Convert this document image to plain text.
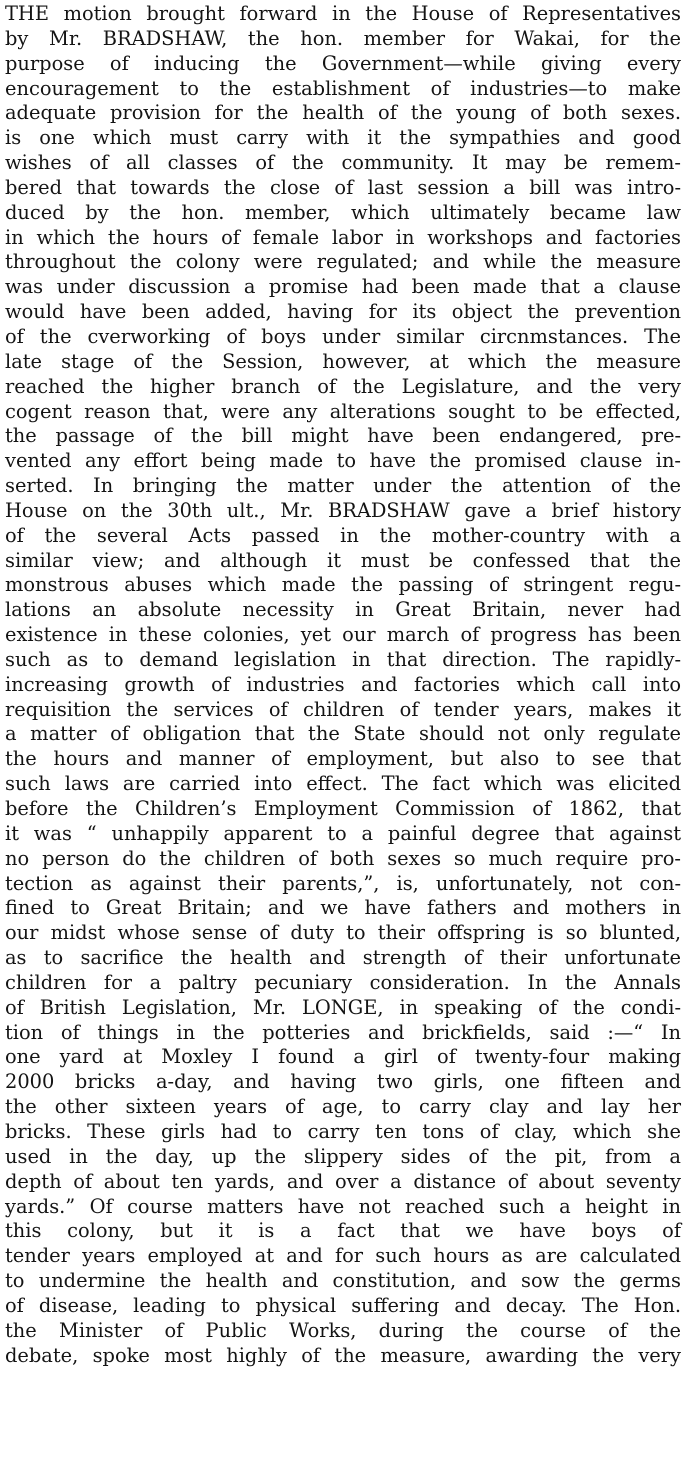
THE motion brought forward in the House of Representatives
by Mr. BRADSHAW, the hon. member for Wakai, for the
purpose of inducing the Government—while giving every
encouragement to the establishment of industries—to make
adequate provision for the health of the young of both sexes.
is one which must carry with it the sympathies and good
wishes of all classes of the community. It may be remem-
bered that towards the close of last session a bill was intro-
duced by the hon. member, which ultimately became law
in which the hours of female labor in workshops and factories
throughout the colony were regulated; and while the measure
was under discussion a promise had been made that a clause
would have been added, having for its object the prevention
of the cverworking of boys under similar circnmstances. The
late stage of the Session, however, at which the measure
reached the higher branch of the Legislature, and the very
cogent reason that, were any alterations sought to be effected,
the passage of the bill might have been endangered, pre-
vented any effort being made to have the promised clause in-
serted. In bringing the matter under the attention of the
House on the 30th ult., Mr. BRADSHAW gave a brief history
of the several Acts passed in the mother-country with a
similar view; and although it must be confessed that the
monstrous abuses which made the passing of stringent regu-
lations an absolute necessity in Great Britain, never had
existence in these colonies, yet our march of progress has been
such as to demand legislation in that direction. The rapidly-
increasing growth of industries and factories which call into
requisition the services of children of tender years, makes it
a matter of obligation that the State should not only regulate
the hours and manner of employment, but also to see that
such laws are carried into effect. The fact which was elicited
before the Children’s Employment Commission of 1862, that
it was “ unhappily apparent to a painful degree that against
no person do the children of both sexes so much require pro-
tection as against their parents,”, is, unfortunately, not con-
fined to Great Britain; and we have fathers and mothers in
our midst whose sense of duty to their offspring is so blunted,
as to sacrifice the health and strength of their unfortunate
children for a paltry pecuniary consideration. In the Annals
of British Legislation, Mr. LONGE, in speaking of the condi-
tion of things in the potteries and brickfields, said :—“ In
one yard at Moxley I found a girl of twenty-four making
2000 bricks a-day, and having two girls, one fifteen and
the other sixteen years of age, to carry clay and lay her
bricks. These girls had to carry ten tons of clay, which she
used in the day, up the slippery sides of the pit, from a
depth of about ten yards, and over a distance of about seventy
yards.” Of course matters have not reached such a height in
this colony, but it is a fact that we have boys of
tender years employed at and for such hours as are calculated
to undermine the health and constitution, and sow the germs
of disease, leading to physical suffering and decay. The Hon.
the Minister of Public Works, during the course of the
debate, spoke most highly of the measure, awarding the very
